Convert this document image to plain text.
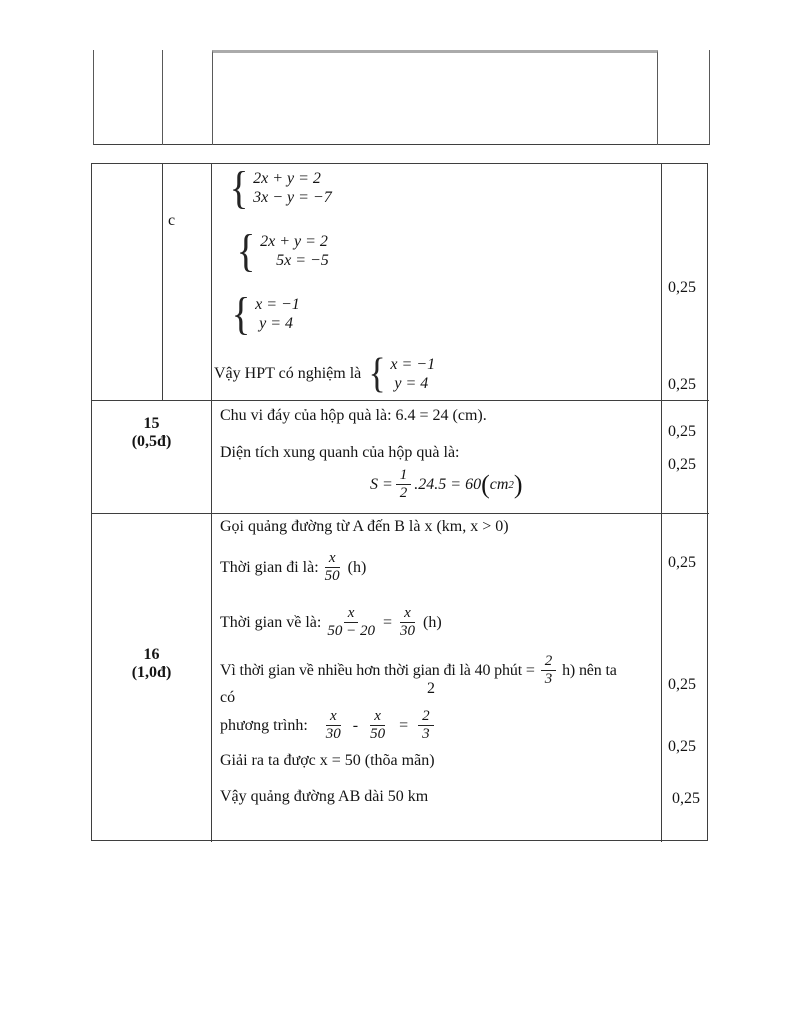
c
{ 2x + y = 2
3x − y = −7
{ 2x + y = 2
5x = −5
{ x = −1
y = 4
Vậy HPT có nghiệm là { x = −1
y = 4
0,25
0,25
15
(0,5đ)
Chu vi đáy của hộp quà là: 6.4 = 24 (cm).
Diện tích xung quanh của hộp quà là:
$S = \frac{1}{2} .24.5 = 60$ ( cm 2 )
0,25
0,25
16
(1,0đ)
Gọi quảng đường từ A đến B là x (km, x > 0)
Thời gian đi là: $\frac{x}{50} (h)$
Thời gian về là: $\frac{x}{50 - 20} = \frac{x}{30} (h)$
Vì thời gian về nhiều hơn thời gian đi là 40 phút = $\frac{2}{3} h$) nên ta
2
có
phương trình: $\frac{x}{30} - \frac{x}{50} = \frac{2}{3}$
Giải ra ta được x = 50 (thõa mãn)
Vậy quảng đường AB dài 50 km
0,25
0,25
0,25
0,25
